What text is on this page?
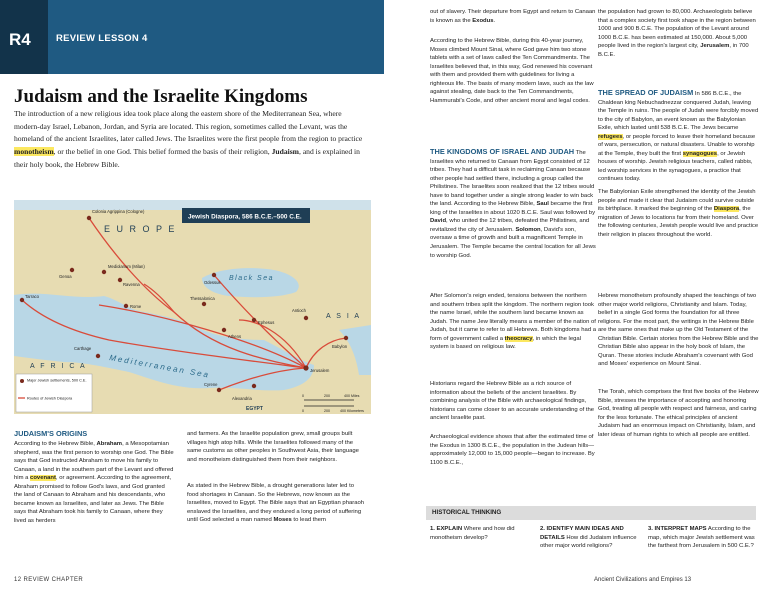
R4	REVIEW LESSON 4
Judaism and the Israelite Kingdoms
The introduction of a new religious idea took place along the eastern shore of the Mediterranean Sea, where modern-day Israel, Lebanon, Jordan, and Syria are located. This region, sometimes called the Levant, was the homeland of the ancient Israelites, later called Jews. The Israelites were the first people from the region to practice monotheism, or the belief in one God. This belief formed the basis of their religion, Judaism, and is explained in their holy book, the Hebrew Bible.
Jewish Diaspora, 586 B.C.E.–500 C.E.
E U R O P E
A F R I C A
A S I A
Black Sea
Mediterranean Sea
Colonia Agrippina (Cologne)
Mediolanum (Milan)
Ravenna
Rome
Genoa
Carthage
Cyrene
Alexandria
Athens
Ephesus
Antioch
Jerusalem
Babylon
Odessus
Tarraco	Thessalonica
EGYPT
Major Jewish settlements, 500 C.E.
Routes of Jewish Diaspora
0	200	400 Miles
0	200	400 Kilometers
JUDAISM'S ORIGINS
According to the Hebrew Bible, Abraham, a Mesopotamian shepherd, was the first person to worship one God. The Bible says that God instructed Abraham to move his family to Canaan, a land in the southern part of the Levant and offered him a covenant, or agreement. According to the agreement, Abraham promised to follow God's laws, and God granted the land of Canaan to Abraham and his descendants, who became known as Israelites, and later as Jews. The Bible says that Abraham took his family to Canaan, where they lived as herders
and farmers. As the Israelite population grew, small groups built villages high atop hills. While the Israelites followed many of the same customs as other peoples in Southwest Asia, their language and monotheism distinguished them from their neighbors.
As stated in the Hebrew Bible, a drought generations later led to food shortages in Canaan. So the Hebrews, now known as the Israelites, moved to Egypt. The Bible says that an Egyptian pharaoh enslaved the Israelites, and they endured a long period of suffering until God selected a man named Moses to lead them
out of slavery. Their departure from Egypt and return to Canaan is known as the Exodus.
According to the Hebrew Bible, during this 40-year journey, Moses climbed Mount Sinai, where God gave him two stone tablets with a set of laws called the Ten Commandments. The Israelites believed that, in this way, God renewed his covenant with them and provided them with guidelines for living a righteous life. The basis of many modern laws, such as the law against stealing, date back to the Ten Commandments, Hammurabi's Code, and other ancient moral and legal codes.
THE KINGDOMS OF ISRAEL AND JUDAH The Israelites who returned to Canaan from Egypt consisted of 12 tribes. They had a difficult task in reclaiming Canaan because other people had settled there, including a group called the Philistines. The Israelites soon realized that the 12 tribes would have to band together under a single strong leader to win back the land. According to the Hebrew Bible, Saul became the first king of the Israelites in about 1020 B.C.E. Saul was followed by David, who united the 12 tribes, defeated the Philistines, and revitalized the city of Jerusalem. Solomon, David's son, oversaw a time of growth and built a magnificent Temple in Jerusalem. The Temple became the central location for all Jews to worship God.
After Solomon's reign ended, tensions between the northern and southern tribes split the kingdom. The northern region took the name Israel, while the southern land became known as Judah. The name Jew literally means a member of the nation of Judah, but it came to refer to all Hebrews. Both kingdoms had a form of government called a theocracy, in which the legal system is based on religious law.
Historians regard the Hebrew Bible as a rich source of information about the beliefs of the ancient Israelites. By combining analysis of the Bible with archaeological findings, historians can come closer to an accurate understanding of the ancient Israelite past.
Archaeological evidence shows that after the estimated time of the Exodus in 1300 B.C.E., the population in the Judean hills—approximately 12,000 to 15,000 people—began to increase. By 1100 B.C.E.,
the population had grown to 80,000. Archaeologists believe that a complex society first took shape in the region between 1000 and 900 B.C.E. The population of the Levant around 1000 B.C.E. has been estimated at 150,000. About 5,000 people lived in the region's largest city, Jerusalem, in 700 B.C.E.
THE SPREAD OF JUDAISM In 586 B.C.E., the Chaldean king Nebuchadnezzar conquered Judah, leaving the Temple in ruins. The people of Judah were forcibly moved to the city of Babylon, an event known as the Babylonian Exile, which lasted until 538 B.C.E. The Jews became refugees, or people forced to leave their homeland because of wars, persecution, or natural disasters. Unable to worship at the Temple, they built the first synagogues, or Jewish houses of worship. Jewish religious teachers, called rabbis, led worship services in the synagogues, a practice that continues today.
The Babylonian Exile strengthened the identity of the Jewish people and made it clear that Judaism could survive outside its birthplace. It marked the beginning of the Diaspora, the migration of Jews to locations far from their homeland. Over the following centuries, Jewish people would live and practice their religion in places throughout the world.
Hebrew monotheism profoundly shaped the teachings of two other major world religions, Christianity and Islam. Today, belief in a single God forms the foundation for all three religions. For the most part, the writings in the Hebrew Bible are the same ones that make up the Old Testament of the Christian Bible. Certain stories from the Hebrew Bible and the Christian Bible also appear in the holy book of Islam, the Quran. These stories include Abraham's covenant with God and Moses' experience on Mount Sinai.
The Torah, which comprises the first five books of the Hebrew Bible, stresses the importance of accepting and honoring God, treating all people with respect and fairness, and caring for the less fortunate. The ethical principles of ancient Judaism had an enormous impact on Christianity, Islam, and later ideas of human rights to which all people are entitled.
HISTORICAL THINKING
1. EXPLAIN Where and how did monotheism develop?
2. IDENTIFY MAIN IDEAS AND DETAILS How did Judaism influence other major world religions?
3. INTERPRET MAPS According to the map, which major Jewish settlement was the farthest from Jerusalem in 500 C.E.?
12 REVIEW CHAPTER	Ancient Civilizations and Empires 13
